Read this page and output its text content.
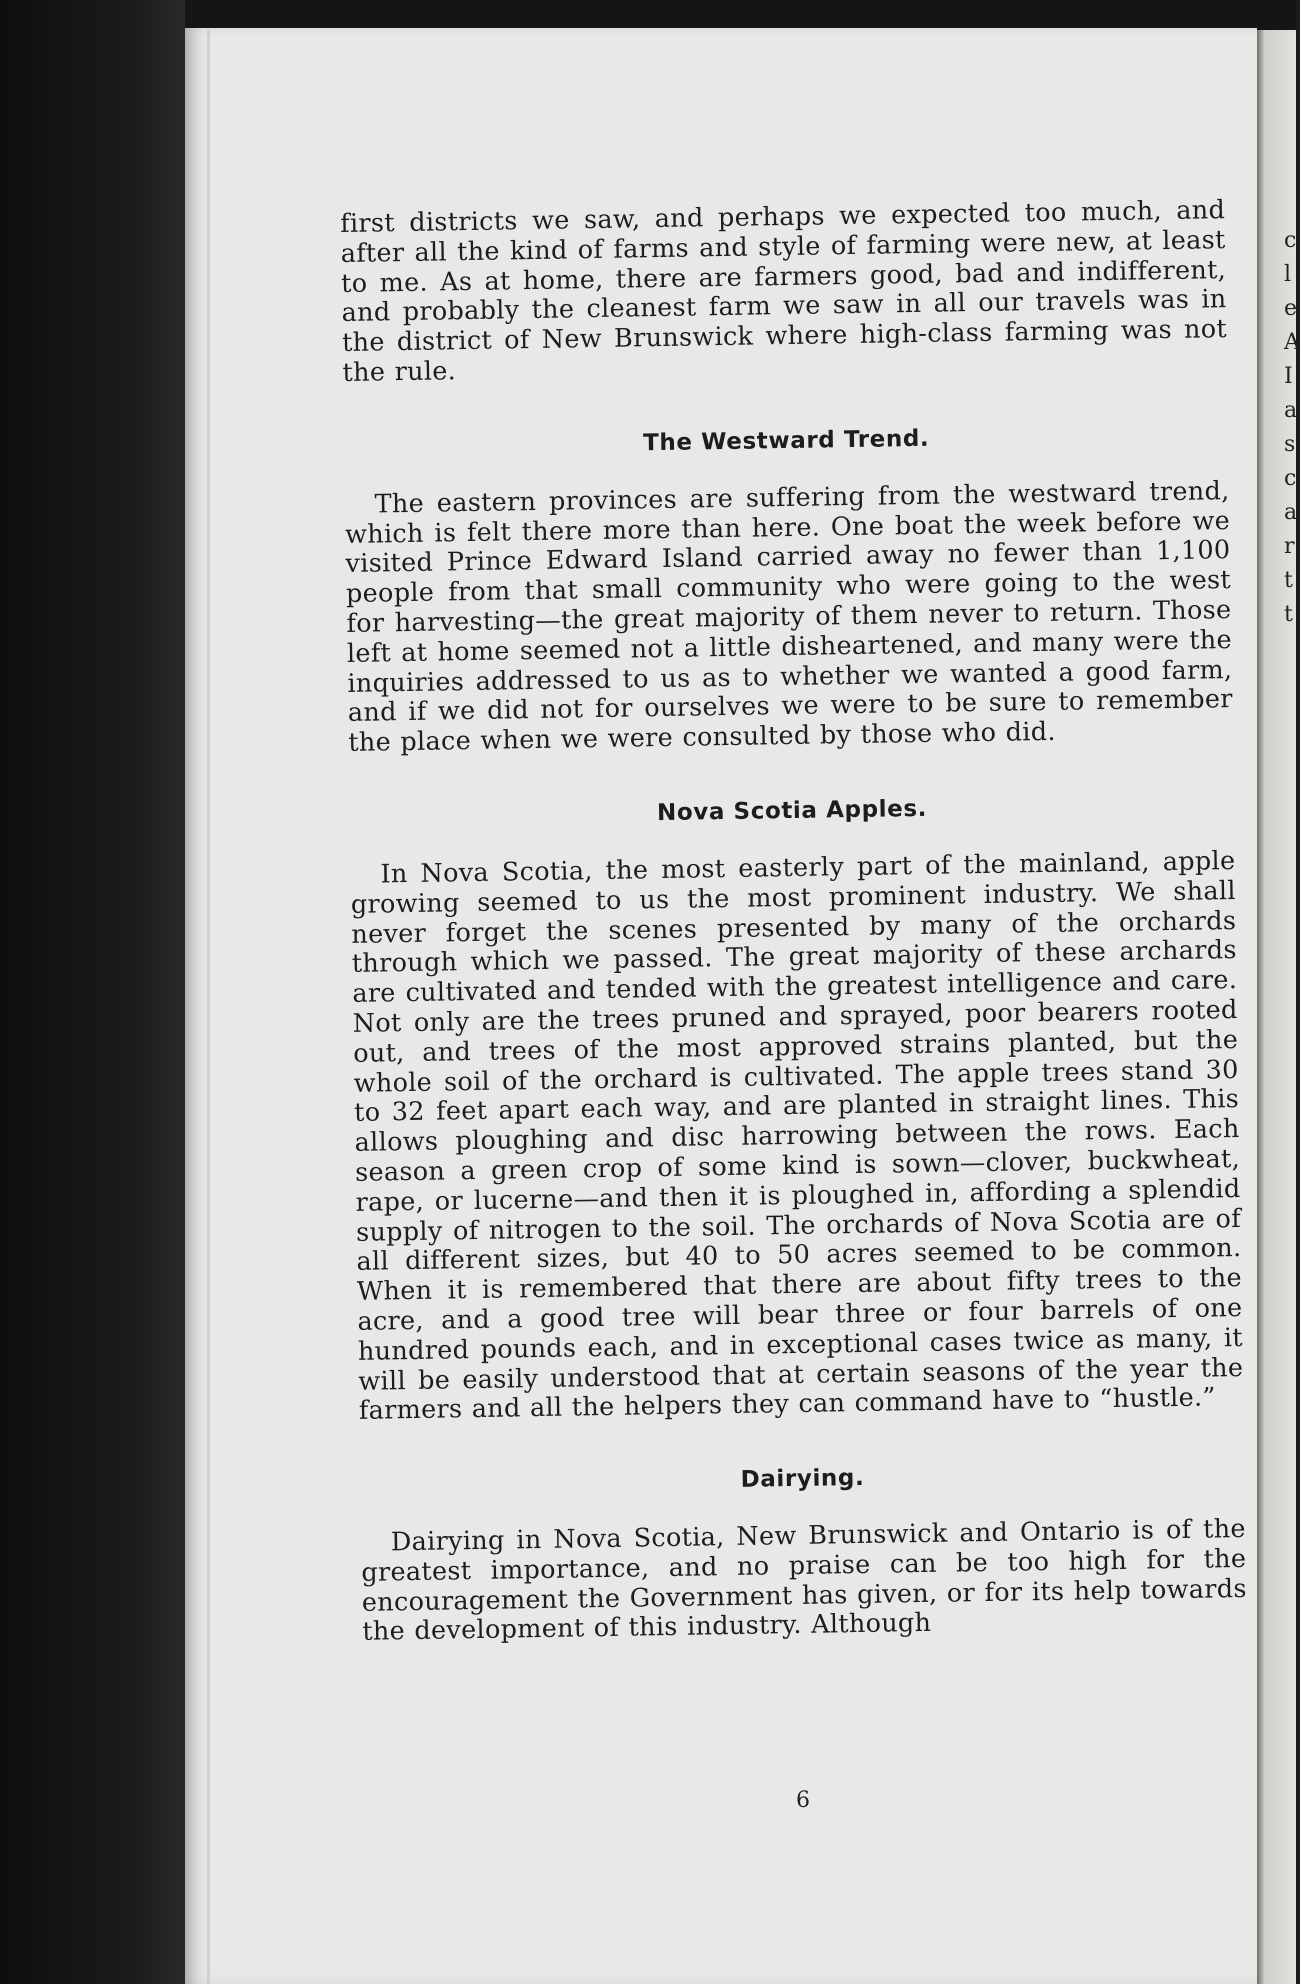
c
l
e
A
I
a
s
c
a
r
t
t

first districts we saw, and perhaps we expected too much, and after all the kind of farms and style of farming were new, at least to me. As at home, there are farmers good, bad and indifferent, and probably the cleanest farm we saw in all our travels was in the district of New Brunswick where high-class farming was not the rule.

The Westward Trend.

The eastern provinces are suffering from the westward trend, which is felt there more than here. One boat the week before we visited Prince Edward Island carried away no fewer than 1,100 people from that small community who were going to the west for harvesting—the great majority of them never to return. Those left at home seemed not a little disheartened, and many were the inquiries addressed to us as to whether we wanted a good farm, and if we did not for ourselves we were to be sure to remember the place when we were consulted by those who did.

Nova Scotia Apples.

In Nova Scotia, the most easterly part of the mainland, apple growing seemed to us the most prominent industry. We shall never forget the scenes presented by many of the orchards through which we passed. The great majority of these archards are cultivated and tended with the greatest intelligence and care. Not only are the trees pruned and sprayed, poor bearers rooted out, and trees of the most approved strains planted, but the whole soil of the orchard is cultivated. The apple trees stand 30 to 32 feet apart each way, and are planted in straight lines. This allows ploughing and disc harrowing between the rows. Each season a green crop of some kind is sown—clover, buckwheat, rape, or lucerne—and then it is ploughed in, affording a splendid supply of nitrogen to the soil. The orchards of Nova Scotia are of all different sizes, but 40 to 50 acres seemed to be common. When it is remembered that there are about fifty trees to the acre, and a good tree will bear three or four barrels of one hundred pounds each, and in exceptional cases twice as many, it will be easily understood that at certain seasons of the year the farmers and all the helpers they can command have to “hustle.”

Dairying.

Dairying in Nova Scotia, New Brunswick and Ontario is of the greatest importance, and no praise can be too high for the encouragement the Government has given, or for its help towards the development of this industry. Although

6
